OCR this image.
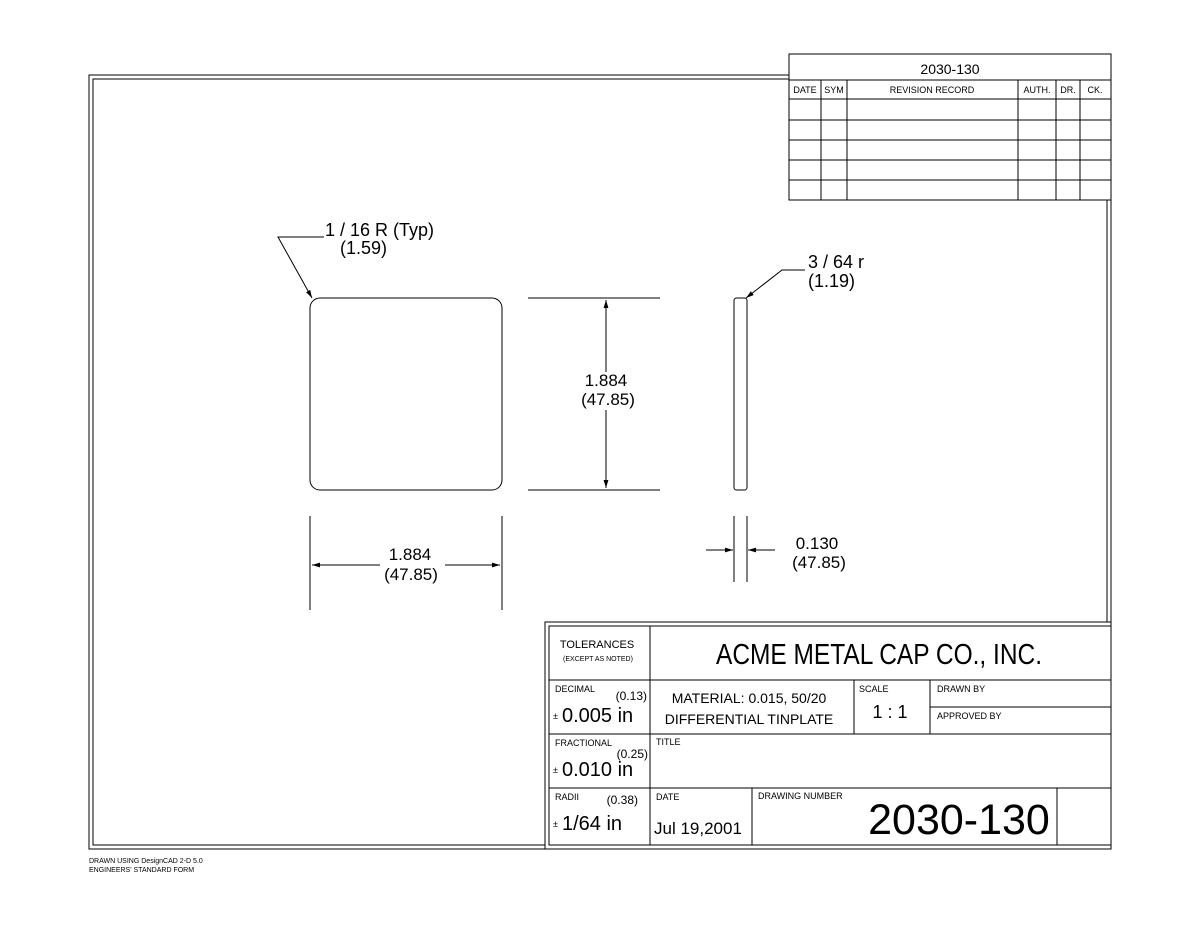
2030-130
DATE SYM	REVISION RECORD	AUTH. DR. CK.
1 / 16 R (Typ)
(1.59)
1.884
(47.85)
1.884
(47.85)
3 / 64 r
(1.19)
0.130
(47.85)
TOLERANCES
(EXCEPT AS NOTED)	ACME METAL CAP CO., INC.
DECIMAL (0.13)
± 0.005 in
MATERIAL: 0.015, 50/20
DIFFERENTIAL TINPLATE
SCALE
1 : 1
DRAWN BY
APPROVED BY
FRACTIONAL
(0.25)
± 0.010 in
TITLE
RADII (0.38)
± 1/64 in
DATE
Jul 19,2001
DRAWING NUMBER 2030-130
DRAWN USING DesignCAD 2-D 5.0
ENGINEERS' STANDARD FORM
